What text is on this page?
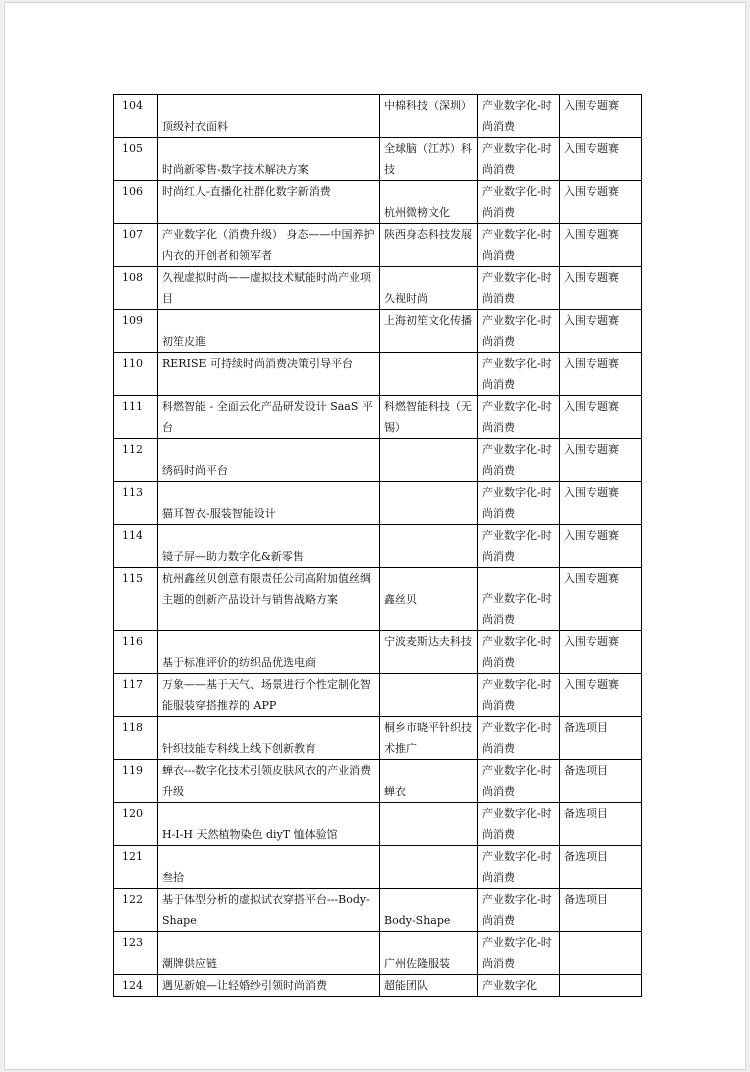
104	顶级衬衣面料	中棉科技（深圳）	产业数字化-时尚消费	入围专题赛
105	时尚新零售-数字技术解决方案	全球脑（江苏）科技	产业数字化-时尚消费	入围专题赛
106	时尚红人-直播化社群化数字新消费	杭州微榜文化	产业数字化-时尚消费	入围专题赛
107	产业数字化（消费升级） 身态——中国养护内衣的开创者和领军者	陕西身态科技发展	产业数字化-时尚消费	入围专题赛
108	久视虚拟时尚——虚拟技术赋能时尚产业项目	久视时尚	产业数字化-时尚消费	入围专题赛
109	初笙皮進	上海初笙文化传播	产业数字化-时尚消费	入围专题赛
110	RERISE 可持续时尚消费决策引导平台		产业数字化-时尚消费	入围专题赛
111	科燃智能 - 全面云化产品研发设计 SaaS 平台	科燃智能科技（无锡）	产业数字化-时尚消费	入围专题赛
112	绣码时尚平台		产业数字化-时尚消费	入围专题赛
113	猫耳智衣-服装智能设计		产业数字化-时尚消费	入围专题赛
114	镜子屏—助力数字化&新零售		产业数字化-时尚消费	入围专题赛
115	杭州鑫丝贝创意有限责任公司高附加值丝绸主题的创新产品设计与销售战略方案	鑫丝贝	产业数字化-时尚消费	入围专题赛
116	基于标准评价的纺织品优选电商	宁波麦斯达夫科技	产业数字化-时尚消费	入围专题赛
117	万象——基于天气、场景进行个性定制化智能服装穿搭推荐的 APP		产业数字化-时尚消费	入围专题赛
118	针织技能专科线上线下创新教育	桐乡市晓平针织技术推广	产业数字化-时尚消费	备选项目
119	蝉衣---数字化技术引领皮肤风衣的产业消费升级	蝉衣	产业数字化-时尚消费	备选项目
120	H-I-H 天然植物染色 diyT 恤体验馆		产业数字化-时尚消费	备选项目
121	叁拾		产业数字化-时尚消费	备选项目
122	基于体型分析的虚拟试衣穿搭平台---Body-Shape	Body-Shape	产业数字化-时尚消费	备选项目
123	潮牌供应链	广州佐隆服装	产业数字化-时尚消费	
124	遇见新娘—让轻婚纱引领时尚消费	超能团队	产业数字化	
